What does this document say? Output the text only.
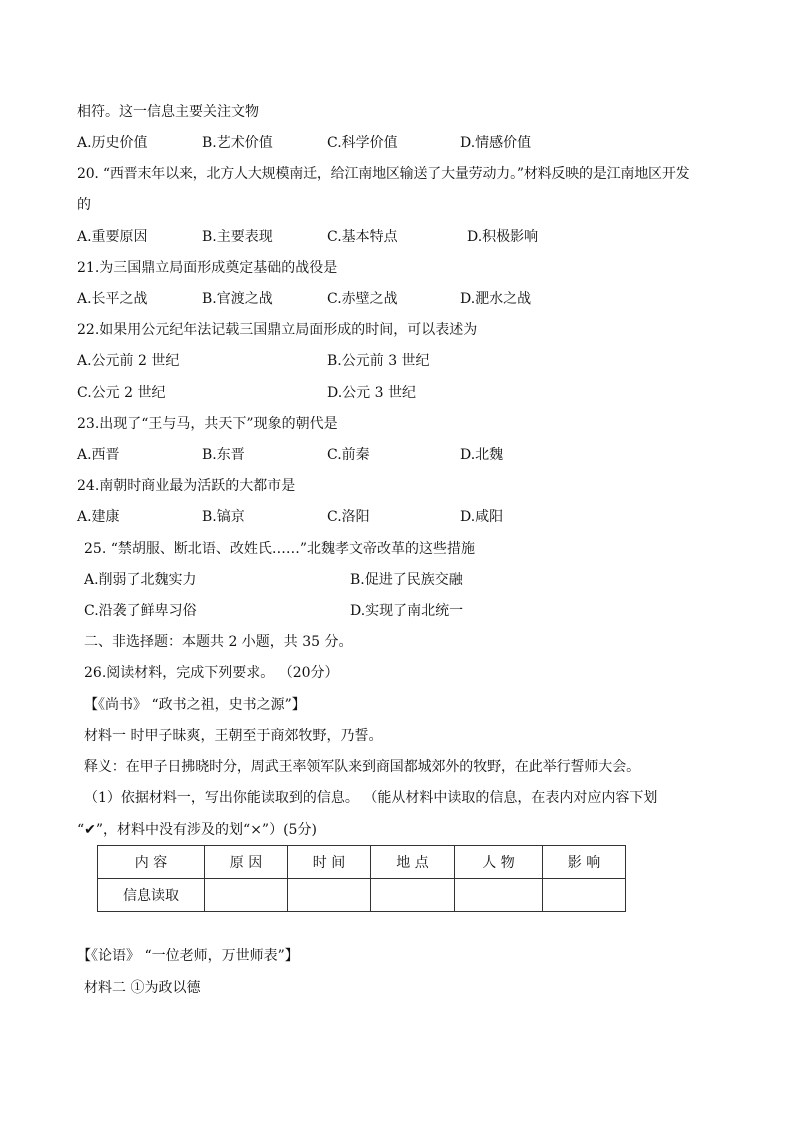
相符。这一信息主要关注文物
A.历史价值	B.艺术价值	C.科学价值	D.情感价值
20. “西晋末年以来，北方人大规模南迁，给江南地区输送了大量劳动力。”材料反映的是江南地区开发
的
A.重要原因	B.主要表现	C.基本特点	D.积极影响
21.为三国鼎立局面形成奠定基础的战役是
A.长平之战	B.官渡之战	C.赤壁之战	D.淝水之战
22.如果用公元纪年法记载三国鼎立局面形成的时间，可以表述为
A.公元前 2 世纪	B.公元前 3 世纪
C.公元 2 世纪	D.公元 3 世纪
23.出现了“王与马，共天下”现象的朝代是
A.西晋	B.东晋	C.前秦	D.北魏
24.南朝时商业最为活跃的大都市是
A.建康	B.镐京	C.洛阳	D.咸阳
25. “禁胡服、断北语、改姓氏……”北魏孝文帝改革的这些措施
A.削弱了北魏实力	B.促进了民族交融
C.沿袭了鲜卑习俗	D.实现了南北统一
二、非选择题：本题共 2 小题，共 35 分。
26.阅读材料，完成下列要求。 （20分）
【《尚书》 “政书之祖，史书之源”】
材料一 时甲子昧爽，王朝至于商郊牧野，乃誓。
释义：在甲子日拂晓时分，周武王率领军队来到商国都城郊外的牧野，在此举行誓师大会。
（1）依据材料一，写出你能读取到的信息。 （能从材料中读取的信息，在表内对应内容下划
“✔”，材料中没有涉及的划“×”）(5分)
内 容	原 因	时 间	地 点	人 物	影 响
信息读取					
【《论语》 “一位老师，万世师表”】
材料二 ①为政以德
